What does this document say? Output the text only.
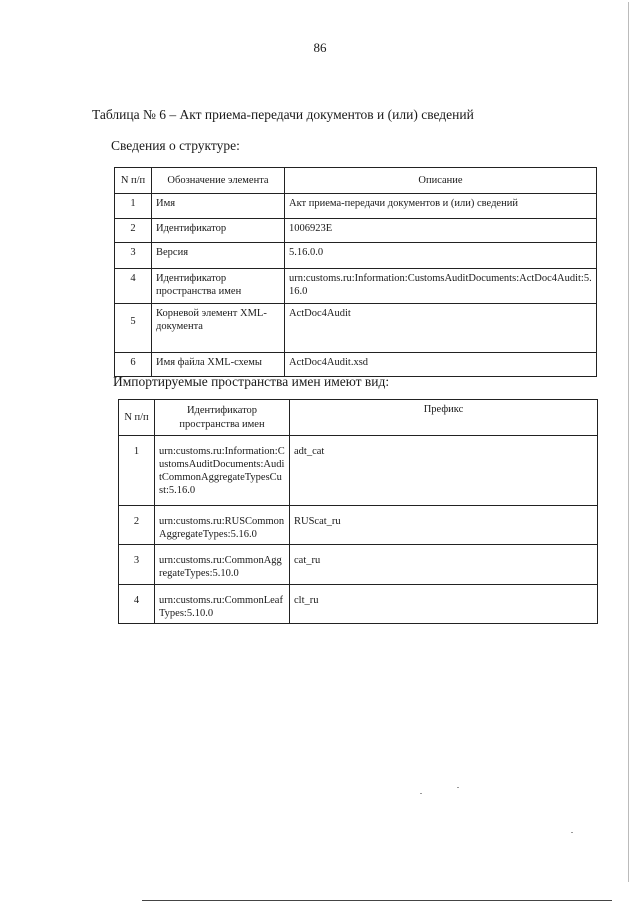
86
Таблица № 6 – Акт приема-передачи документов и (или) сведений
Сведения о структуре:
N п/п	Обозначение элемента	Описание
1	Имя	Акт приема-передачи документов и (или) сведений
2	Идентификатор	1006923E
3	Версия	5.16.0.0
4	Идентификатор пространства имен	urn:customs.ru:Information:CustomsAuditDocuments:ActDoc4Audit:5.16.0
5	Корневой элемент XML-документа	ActDoc4Audit
6	Имя файла XML-схемы	ActDoc4Audit.xsd
Импортируемые пространства имен имеют вид:
N п/п	Идентификатор пространства имен	Префикс
1	urn:customs.ru:Information:CustomsAuditDocuments:AuditCommonAggregateTypesCust:5.16.0	adt_cat
2	urn:customs.ru:RUSCommonAggregateTypes:5.16.0	RUScat_ru
3	urn:customs.ru:CommonAggregateTypes:5.10.0	cat_ru
4	urn:customs.ru:CommonLeafTypes:5.10.0	clt_ru
